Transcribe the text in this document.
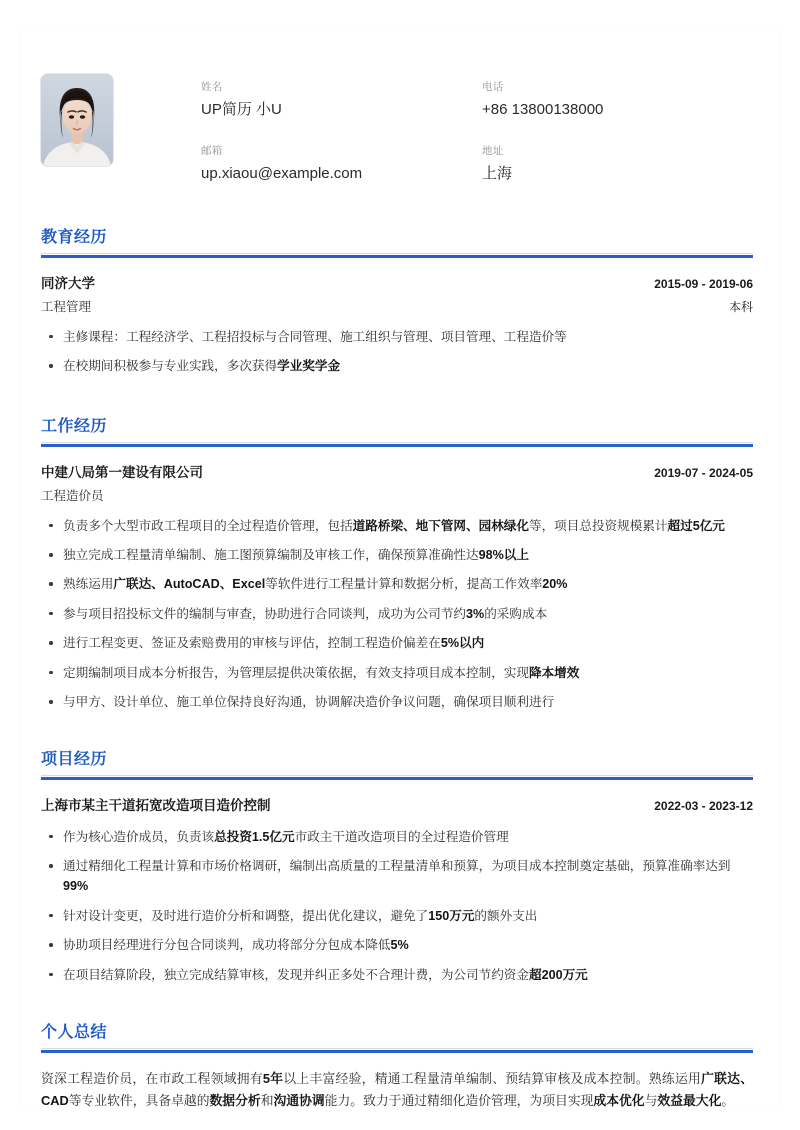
姓名
UP简历 小U
电话
+86 13800138000
邮箱
up.xiaou@example.com
地址
上海
教育经历
同济大学	2015-09 - 2019-06
工程管理	本科
主修课程：工程经济学、工程招投标与合同管理、施工组织与管理、项目管理、工程造价等
在校期间积极参与专业实践，多次获得学业奖学金
工作经历
中建八局第一建设有限公司	2019-07 - 2024-05
工程造价员
负责多个大型市政工程项目的全过程造价管理，包括道路桥梁、地下管网、园林绿化等，项目总投资规模累计超过5亿元
独立完成工程量清单编制、施工图预算编制及审核工作，确保预算准确性达98%以上
熟练运用广联达、AutoCAD、Excel等软件进行工程量计算和数据分析，提高工作效率20%
参与项目招投标文件的编制与审查，协助进行合同谈判，成功为公司节约3%的采购成本
进行工程变更、签证及索赔费用的审核与评估，控制工程造价偏差在5%以内
定期编制项目成本分析报告，为管理层提供决策依据，有效支持项目成本控制，实现降本增效
与甲方、设计单位、施工单位保持良好沟通，协调解决造价争议问题，确保项目顺利进行
项目经历
上海市某主干道拓宽改造项目造价控制	2022-03 - 2023-12
作为核心造价成员，负责该总投资1.5亿元市政主干道改造项目的全过程造价管理
通过精细化工程量计算和市场价格调研，编制出高质量的工程量清单和预算，为项目成本控制奠定基础，预算准确率达到99%
针对设计变更，及时进行造价分析和调整，提出优化建议，避免了150万元的额外支出
协助项目经理进行分包合同谈判，成功将部分分包成本降低5%
在项目结算阶段，独立完成结算审核，发现并纠正多处不合理计费，为公司节约资金超200万元
个人总结

资深工程造价员，在市政工程领域拥有5年以上丰富经验，精通工程量清单编制、预结算审核及成本控制。熟练运用广联达、CAD等专业软件，具备卓越的数据分析和沟通协调能力。致力于通过精细化造价管理，为项目实现成本优化与效益最大化。
